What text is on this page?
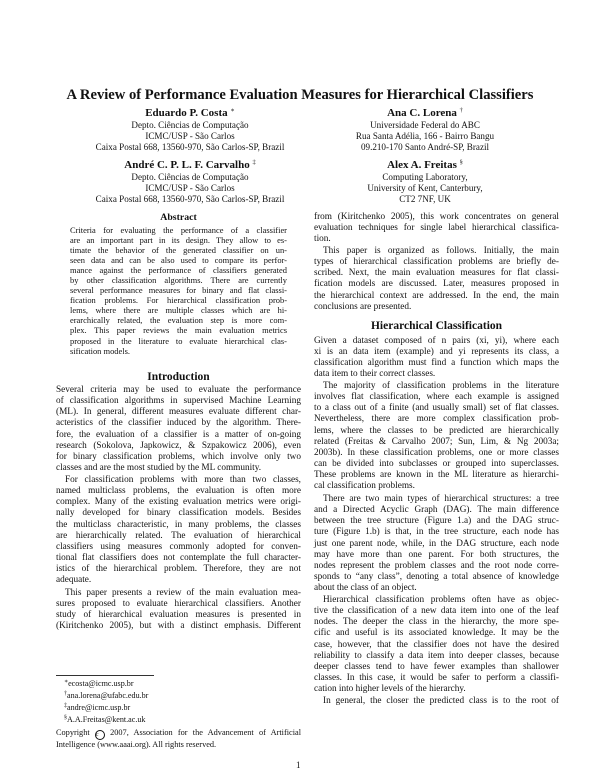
A Review of Performance Evaluation Measures for Hierarchical Classifiers
Eduardo P. Costa ∗
Depto. Ciências de Computação
ICMC/USP - São Carlos
Caixa Postal 668, 13560-970, São Carlos-SP, Brazil
André C. P. L. F. Carvalho ‡
Depto. Ciências de Computação
ICMC/USP - São Carlos
Caixa Postal 668, 13560-970, São Carlos-SP, Brazil
Ana C. Lorena †
Universidade Federal do ABC
Rua Santa Adélia, 166 - Bairro Bangu
09.210-170 Santo André-SP, Brazil
Alex A. Freitas §
Computing Laboratory,
University of Kent, Canterbury,
CT2 7NF, UK
Abstract
Criteria for evaluating the performance of a classifier
are an important part in its design. They allow to es-
timate the behavior of the generated classifier on un-
seen data and can be also used to compare its perfor-
mance against the performance of classifiers generated
by other classification algorithms. There are currently
several performance measures for binary and flat classi-
fication problems. For hierarchical classification prob-
lems, where there are multiple classes which are hi-
erarchically related, the evaluation step is more com-
plex. This paper reviews the main evaluation metrics
proposed in the literature to evaluate hierarchical clas-
sification models.
Introduction
Several criteria may be used to evaluate the performance
of classification algorithms in supervised Machine Learning
(ML). In general, different measures evaluate different char-
acteristics of the classifier induced by the algorithm. There-
fore, the evaluation of a classifier is a matter of on-going
research (Sokolova, Japkowicz, & Szpakowicz 2006), even
for binary classification problems, which involve only two
classes and are the most studied by the ML community.
For classification problems with more than two classes,
named multiclass problems, the evaluation is often more
complex. Many of the existing evaluation metrics were origi-
nally developed for binary classification models. Besides
the multiclass characteristic, in many problems, the classes
are hierarchically related. The evaluation of hierarchical
classifiers using measures commonly adopted for conven-
tional flat classifiers does not contemplate the full character-
istics of the hierarchical problem. Therefore, they are not
adequate.
This paper presents a review of the main evaluation mea-
sures proposed to evaluate hierarchical classifiers. Another
study of hierarchical evaluation measures is presented in
(Kiritchenko 2005), but with a distinct emphasis. Different
∗ecosta@icmc.usp.br
†ana.lorena@ufabc.edu.br
‡andre@icmc.usp.br
§A.A.Freitas@kent.ac.uk
Copyright c 2007, Association for the Advancement of Artificial
Intelligence (www.aaai.org). All rights reserved.
from (Kiritchenko 2005), this work concentrates on general
evaluation techniques for single label hierarchical classifica-
tion.
This paper is organized as follows. Initially, the main
types of hierarchical classification problems are briefly de-
scribed. Next, the main evaluation measures for flat classi-
fication models are discussed. Later, measures proposed in
the hierarchical context are addressed. In the end, the main
conclusions are presented.
Hierarchical Classification
Given a dataset composed of n pairs (xi, yi), where each
xi is an data item (example) and yi represents its class, a
classification algorithm must find a function which maps the
data item to their correct classes.
The majority of classification problems in the literature
involves flat classification, where each example is assigned
to a class out of a finite (and usually small) set of flat classes.
Nevertheless, there are more complex classification prob-
lems, where the classes to be predicted are hierarchically
related (Freitas & Carvalho 2007; Sun, Lim, & Ng 2003a;
2003b). In these classification problems, one or more classes
can be divided into subclasses or grouped into superclasses.
These problems are known in the ML literature as hierarchi-
cal classification problems.
There are two main types of hierarchical structures: a tree
and a Directed Acyclic Graph (DAG). The main difference
between the tree structure (Figure 1.a) and the DAG struc-
ture (Figure 1.b) is that, in the tree structure, each node has
just one parent node, while, in the DAG structure, each node
may have more than one parent. For both structures, the
nodes represent the problem classes and the root node corre-
sponds to “any class”, denoting a total absence of knowledge
about the class of an object.
Hierarchical classification problems often have as objec-
tive the classification of a new data item into one of the leaf
nodes. The deeper the class in the hierarchy, the more spe-
cific and useful is its associated knowledge. It may be the
case, however, that the classifier does not have the desired
reliability to classify a data item into deeper classes, because
deeper classes tend to have fewer examples than shallower
classes. In this case, it would be safer to perform a classifi-
cation into higher levels of the hierarchy.
In general, the closer the predicted class is to the root of
1
